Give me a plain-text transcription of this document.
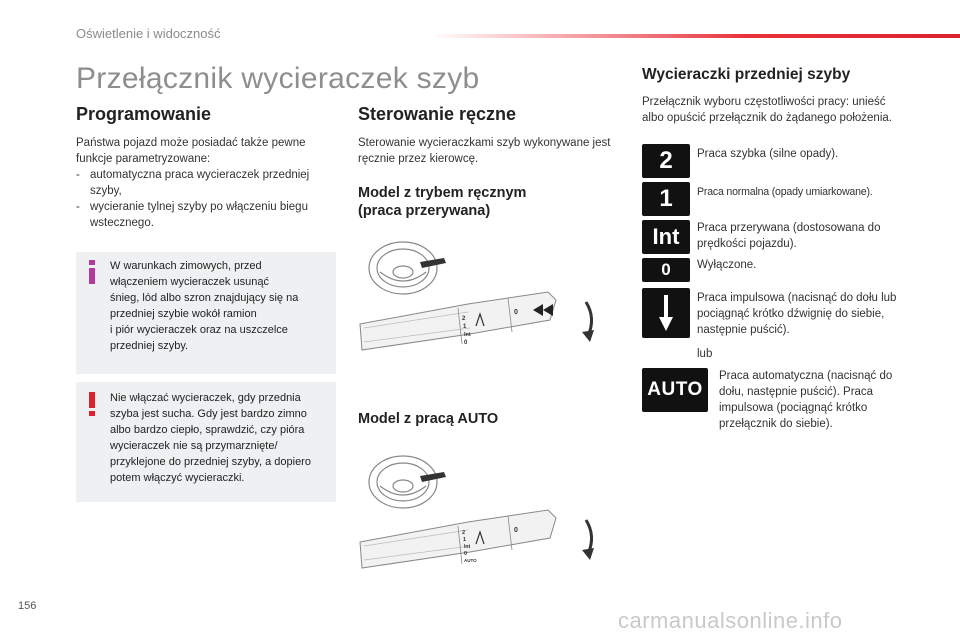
Oświetlenie i widoczność
Przełącznik wycieraczek szyb
Programowanie
Państwa pojazd może posiadać także pewne funkcje parametryzowane:
- automatyczna praca wycieraczek przedniej szyby,
- wycieranie tylnej szyby po włączeniu biegu wstecznego.
W warunkach zimowych, przed
włączeniem wycieraczek usunąć
śnieg, lód albo szron znajdujący się na
przedniej szybie wokół ramion
i piór wycieraczek oraz na uszczelce
przedniej szyby.
Nie włączać wycieraczek, gdy przednia
szyba jest sucha. Gdy jest bardzo zimno
albo bardzo ciepło, sprawdzić, czy pióra
wycieraczek nie są przymarznięte/
przyklejone do przedniej szyby, a dopiero
potem włączyć wycieraczki.
Sterowanie ręczne
Sterowanie wycieraczkami szyb wykonywane jest ręcznie przez kierowcę.
Model z trybem ręcznym
(praca przerywana)
2
1
Int
0
0
Model z pracą AUTO
2
1
Int
0
AUTO
0
Wycieraczki przedniej szyby
Przełącznik wyboru częstotliwości pracy: unieść albo opuścić przełącznik do żądanego położenia.
2 Praca szybka (silne opady).
1 Praca normalna (opady umiarkowane).
Int Praca przerywana (dostosowana do prędkości pojazdu).
0 Wyłączone.
Praca impulsowa (nacisnąć do dołu lub pociągnąć krótko dźwignię do siebie, następnie puścić).
lub
AUTO
Praca automatyczna (nacisnąć do dołu, następnie puścić). Praca impulsowa (pociągnąć krótko przełącznik do siebie).
156
carmanualsonline.info
